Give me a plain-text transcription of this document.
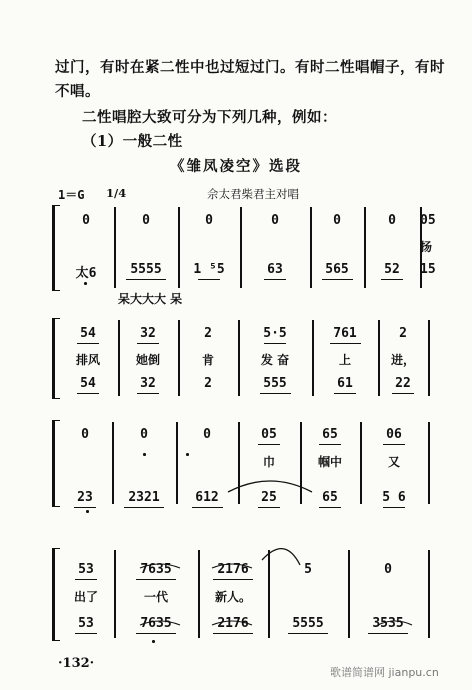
过门，有时在紧二性中也过短过门。有时二性唱帽子，有时
不唱。
二性唱腔大致可分为下列几种，例如：
（1）一般二性
《雏凤凌空》选段
1＝G 1/4	佘太君柴君主对唱
0
太6
0
5555
0
1 ⁵5
0
63
0
565
0
52
05
扬
15
呆大大大 呆
54
排风
54
32
她倒
32
2
肯
2
5·5
发 奋
555
761
上
61
2
进，
22
0
23
0
2321
0
612
05
巾
25
65
帼中
65
06
又
5 6
53
出了
53
7635
一代
7635
2176
新人。
2176
5
5555
0
3535
·132·
歌谱简谱网 jianpu.cn
